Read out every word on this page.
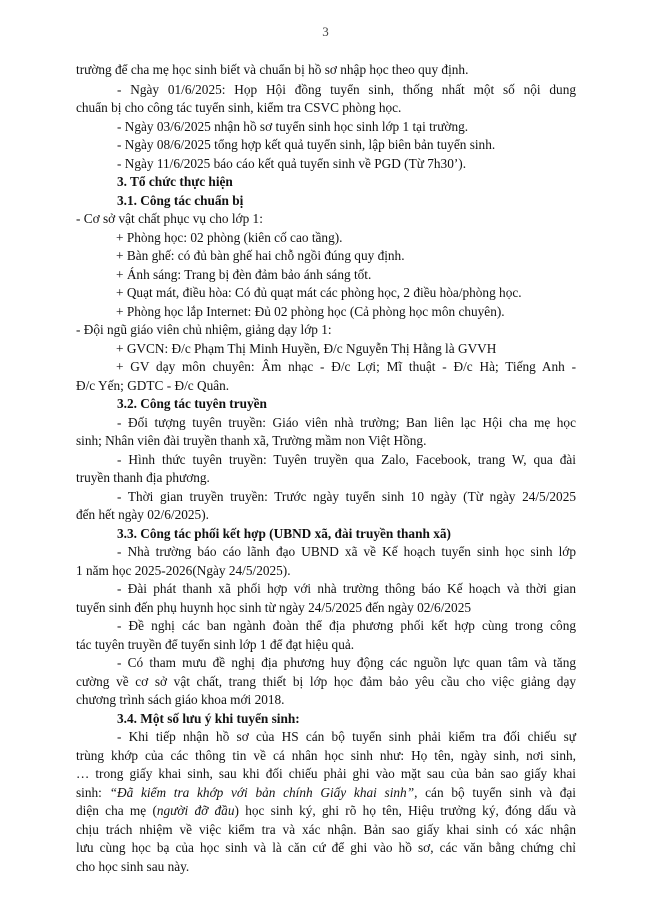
3
trường để cha mẹ học sinh biết và chuẩn bị hồ sơ nhập học theo quy định.
- Ngày 01/6/2025: Họp Hội đồng tuyển sinh, thống nhất một số nội dung
chuẩn bị cho công tác tuyển sinh, kiểm tra CSVC phòng học.
- Ngày 03/6/2025 nhận hồ sơ tuyển sinh học sinh lớp 1 tại trường.
- Ngày 08/6/2025 tổng hợp kết quả tuyển sinh, lập biên bản tuyển sinh.
- Ngày 11/6/2025 báo cáo kết quả tuyển sinh về PGD (Từ 7h30’).
3. Tổ chức thực hiện
3.1. Công tác chuẩn bị
- Cơ sở vật chất phục vụ cho lớp 1:
+ Phòng học: 02 phòng (kiên cố cao tầng).
+ Bàn ghế: có đủ bàn ghế hai chỗ ngồi đúng quy định.
+ Ánh sáng: Trang bị đèn đảm bảo ánh sáng tốt.
+ Quạt mát, điều hòa: Có đủ quạt mát các phòng học, 2 điều hòa/phòng học.
+ Phòng học lắp Internet: Đủ 02 phòng học (Cả phòng học môn chuyên).
- Đội ngũ giáo viên chủ nhiệm, giảng dạy lớp 1:
+ GVCN: Đ/c Phạm Thị Minh Huyền, Đ/c Nguyễn Thị Hằng là GVVH
+ GV dạy môn chuyên: Âm nhạc - Đ/c Lợi; Mĩ thuật - Đ/c Hà; Tiếng Anh -
Đ/c Yến; GDTC - Đ/c Quân.
3.2. Công tác tuyên truyền
- Đối tượng tuyên truyền: Giáo viên nhà trường; Ban liên lạc Hội cha mẹ học
sinh; Nhân viên đài truyền thanh xã, Trường mầm non Việt Hồng.
- Hình thức tuyên truyền: Tuyên truyền qua Zalo, Facebook, trang W, qua đài
truyền thanh địa phương.
- Thời gian truyền truyền: Trước ngày tuyển sinh 10 ngày (Từ ngày 24/5/2025
đến hết ngày 02/6/2025).
3.3. Công tác phối kết hợp (UBND xã, đài truyền thanh xã)
- Nhà trường báo cáo lãnh đạo UBND xã về Kế hoạch tuyển sinh học sinh lớp
1 năm học 2025-2026(Ngày 24/5/2025).
- Đài phát thanh xã phối hợp với nhà trường thông báo Kế hoạch và thời gian
tuyển sinh đến phụ huynh học sinh từ ngày 24/5/2025 đến ngày 02/6/2025
- Đề nghị các ban ngành đoàn thể địa phương phối kết hợp cùng trong công
tác tuyên truyền để tuyển sinh lớp 1 để đạt hiệu quả.
- Có tham mưu đề nghị địa phương huy động các nguồn lực quan tâm và tăng
cường về cơ sở vật chất, trang thiết bị lớp học đảm bảo yêu cầu cho việc giảng dạy
chương trình sách giáo khoa mới 2018.
3.4. Một số lưu ý khi tuyển sinh:
- Khi tiếp nhận hồ sơ của HS cán bộ tuyển sinh phải kiểm tra đối chiếu sự
trùng khớp của các thông tin về cá nhân học sinh như: Họ tên, ngày sinh, nơi sinh,
… trong giấy khai sinh, sau khi đối chiếu phải ghi vào mặt sau của bản sao giấy khai
sinh: “Đã kiểm tra khớp với bản chính Giấy khai sinh”, cán bộ tuyển sinh và đại
diện cha mẹ (người đỡ đầu) học sinh ký, ghi rõ họ tên, Hiệu trưởng ký, đóng dấu và
chịu trách nhiệm về việc kiểm tra và xác nhận. Bản sao giấy khai sinh có xác nhận
lưu cùng học bạ của học sinh và là căn cứ để ghi vào hồ sơ, các văn bằng chứng chỉ
cho học sinh sau này.
